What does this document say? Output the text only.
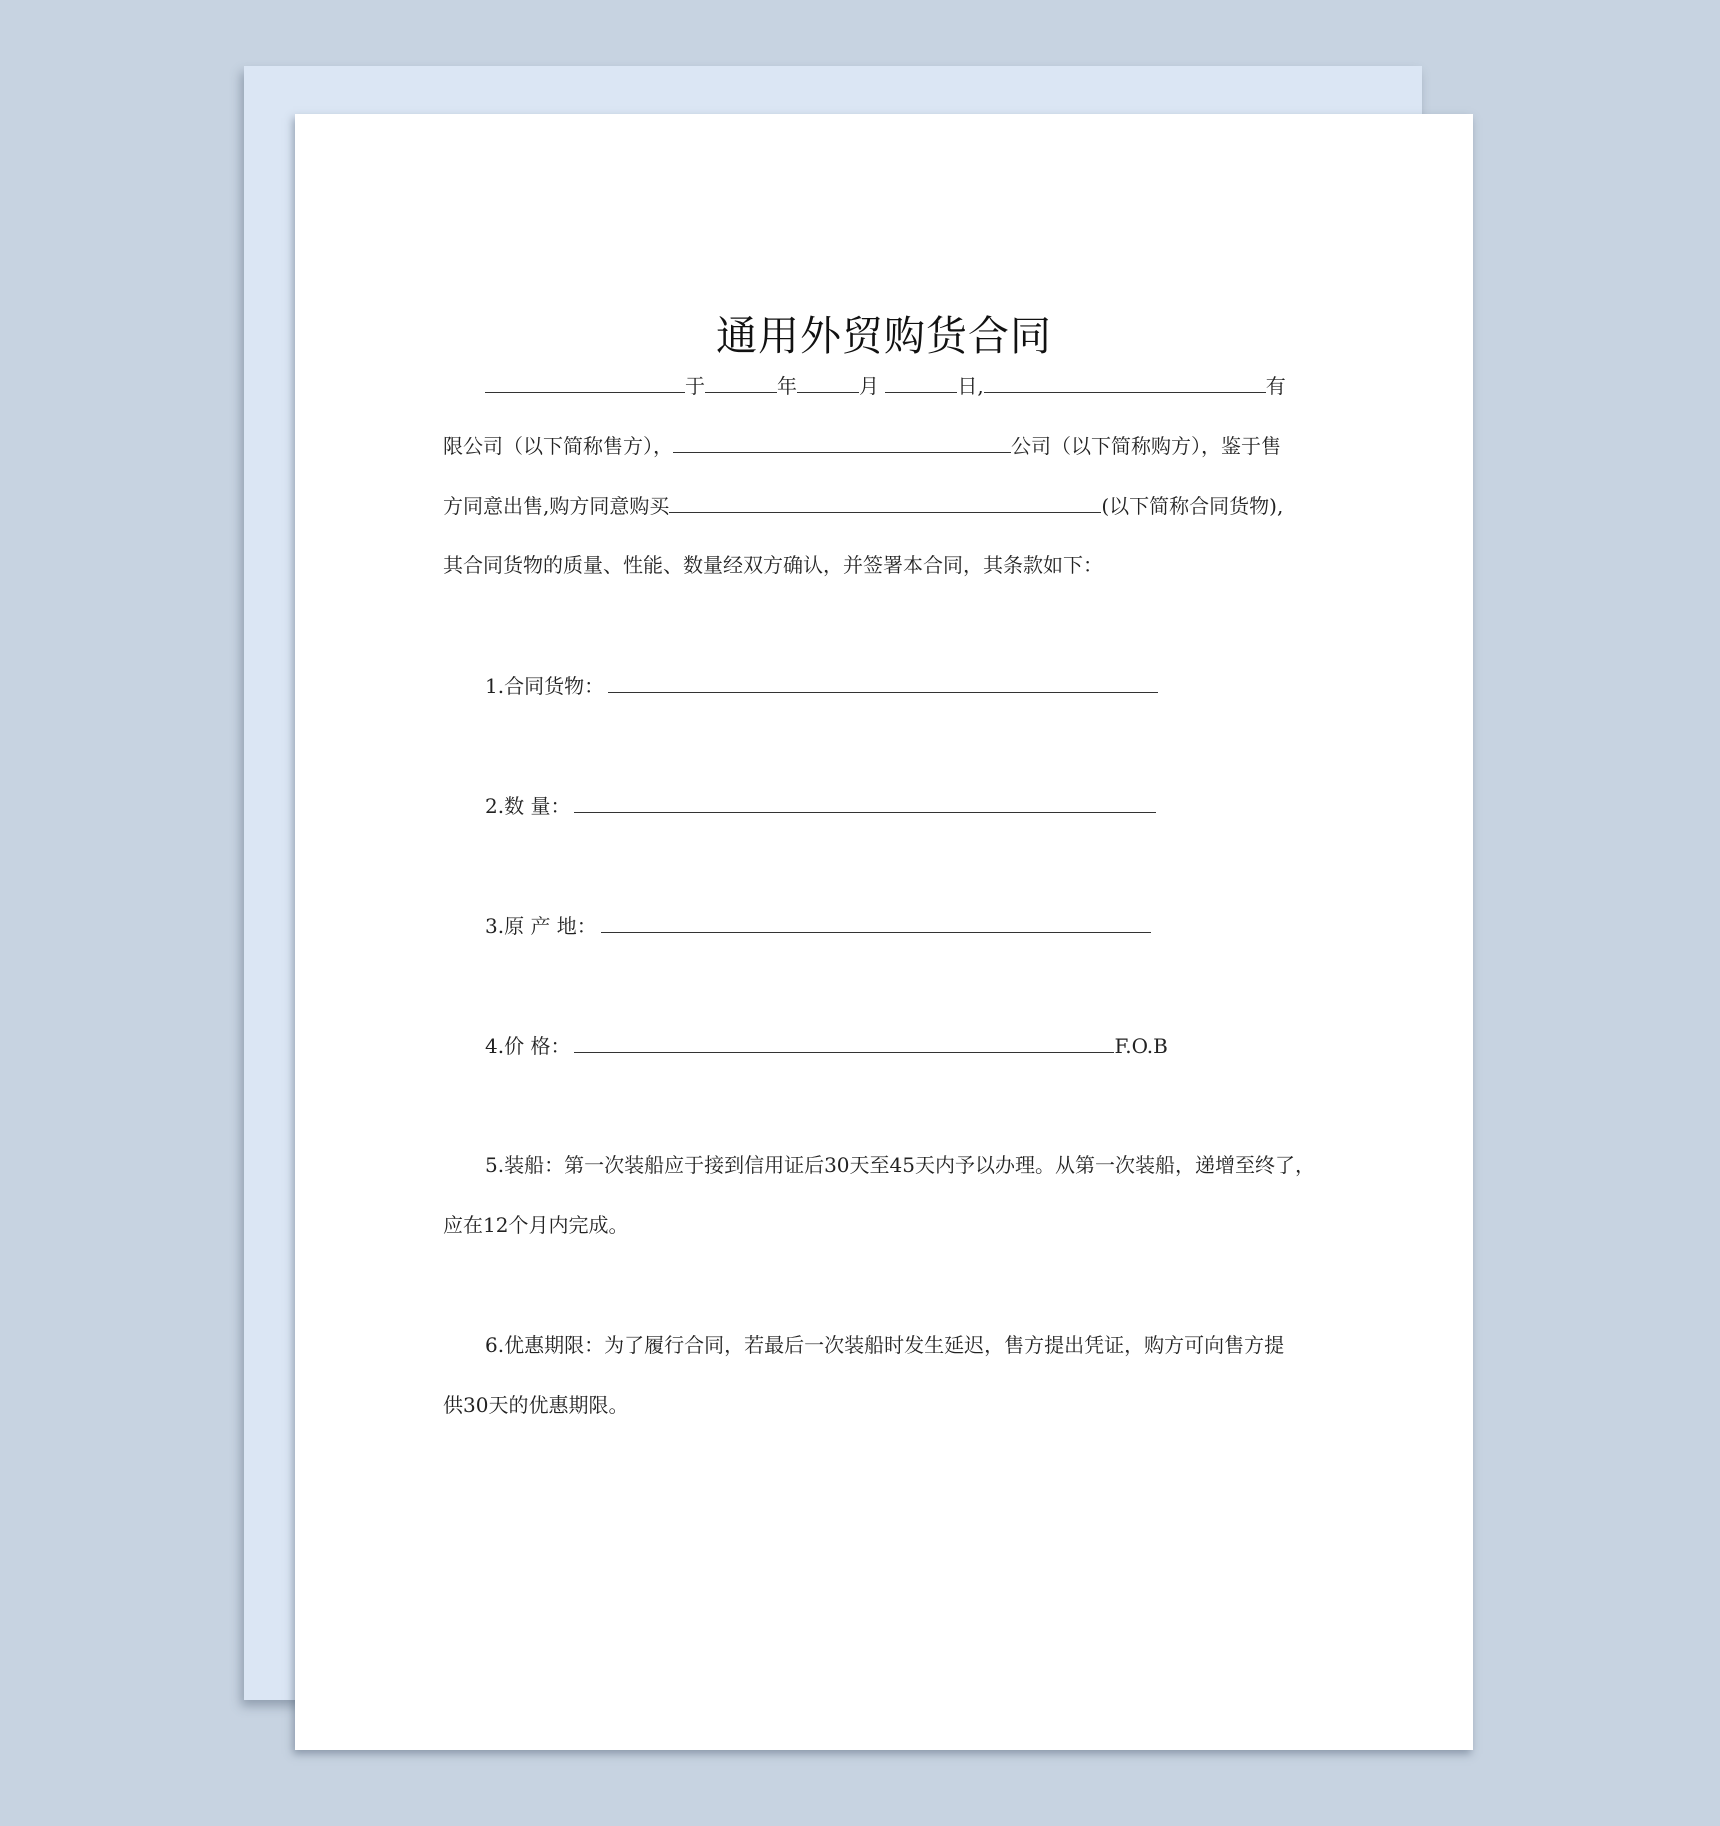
通用外贸购货合同
于	年	月	日,	有
限公司（以下简称售方），	公司（以下简称购方），鉴于售
方同意出售,购方同意购买	(以下简称合同货物),
其合同货物的质量、性能、数量经双方确认，并签署本合同，其条款如下：
1.合同货物：
2.数 量：
3.原 产 地：
4.价 格：	F.O.B
5.装船：第一次装船应于接到信用证后30天至45天内予以办理。从第一次装船，递增至终了，
应在12个月内完成。
6.优惠期限：为了履行合同，若最后一次装船时发生延迟，售方提出凭证，购方可向售方提
供30天的优惠期限。
